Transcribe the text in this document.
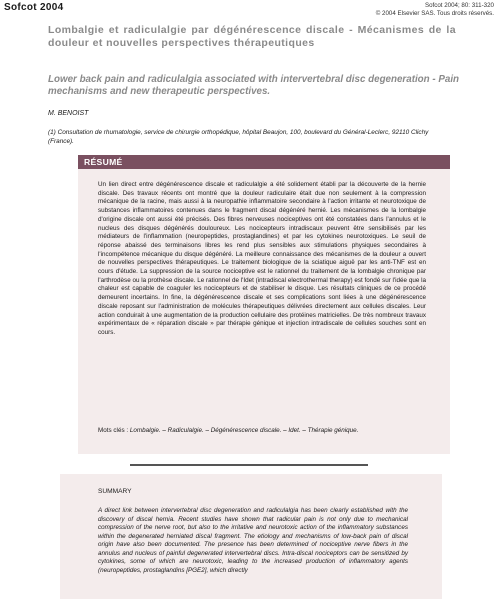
Sofcot 2004	Sofcot 2004; 80: 311-320
© 2004 Elsevier SAS. Tous droits réservés.
Lombalgie et radiculalgie par dégénérescence discale - Mécanismes de la douleur et nouvelles perspectives thérapeutiques
Lower back pain and radiculalgia associated with intervertebral disc degeneration - Pain mechanisms and new therapeutic perspectives.
M. BENOIST
(1) Consultation de rhumatologie, service de chirurgie orthopédique, hôpital Beaujon, 100, boulevard du Général-Leclerc, 92110 Clichy (France).
RÉSUMÉ

Un lien direct entre dégénérescence discale et radiculalgie a été solidement établi par la découverte de la hernie discale. Des travaux récents ont montré que la douleur radiculaire était due non seulement à la compression mécanique de la racine, mais aussi à la neuropathie inflammatoire secondaire à l'action irritante et neurotoxique de substances inflammatoires contenues dans le fragment discal dégénéré hernié. Les mécanismes de la lombalgie d'origine discale ont aussi été précisés. Des fibres nerveuses nociceptives ont été constatées dans l'annulus et le nucleus des disques dégénérés douloureux. Les nocicepteurs intradiscaux peuvent être sensibilisés par les médiateurs de l'inflammation (neuropeptides, prostaglandines) et par les cytokines neurotoxiques. Le seuil de réponse abaissé des terminaisons libres les rend plus sensibles aux stimulations physiques secondaires à l'incompétence mécanique du disque dégénéré. La meilleure connaissance des mécanismes de la douleur a ouvert de nouvelles perspectives thérapeutiques. Le traitement biologique de la sciatique aiguë par les anti-TNF est en cours d'étude. La suppression de la source nociceptive est le rationnel du traitement de la lombalgie chronique par l'arthrodèse ou la prothèse discale. Le rationnel de l'Idet (intradiscal electrothermal therapy) est fondé sur l'idée que la chaleur est capable de coaguler les nocicepteurs et de stabiliser le disque. Les résultats cliniques de ce procédé demeurent incertains. In fine, la dégénérescence discale et ses complications sont liées à une dégénérescence discale reposant sur l'administration de molécules thérapeutiques délivrées directement aux cellules discales. Leur action conduirait à une augmentation de la production cellulaire des protéines matricielles. De très nombreux travaux expérimentaux de « réparation discale » par thérapie génique et injection intradiscale de cellules souches sont en cours.

Mots clés : Lombalgie. – Radiculalgie. – Dégénérescence discale. – Idet. – Thérapie génique.

SUMMARY

A direct link between intervertebral disc degeneration and radiculalgia has been clearly established with the discovery of discal hernia. Recent studies have shown that radicular pain is not only due to mechanical compression of the nerve root, but also to the irritative and neurotoxic action of the inflammatory substances within the degenerated herniated discal fragment. The etiology and mechanisms of low-back pain of discal origin have also been documented. The presence has been determined of nociceptive nerve fibers in the annulus and nucleus of painful degenerated intervertebral discs. Intra-discal nociceptors can be sensitized by cytokines, some of which are neurotoxic, leading to the increased production of inflammatory agents (neuropeptides, prostaglandins [PGE2], which directly
